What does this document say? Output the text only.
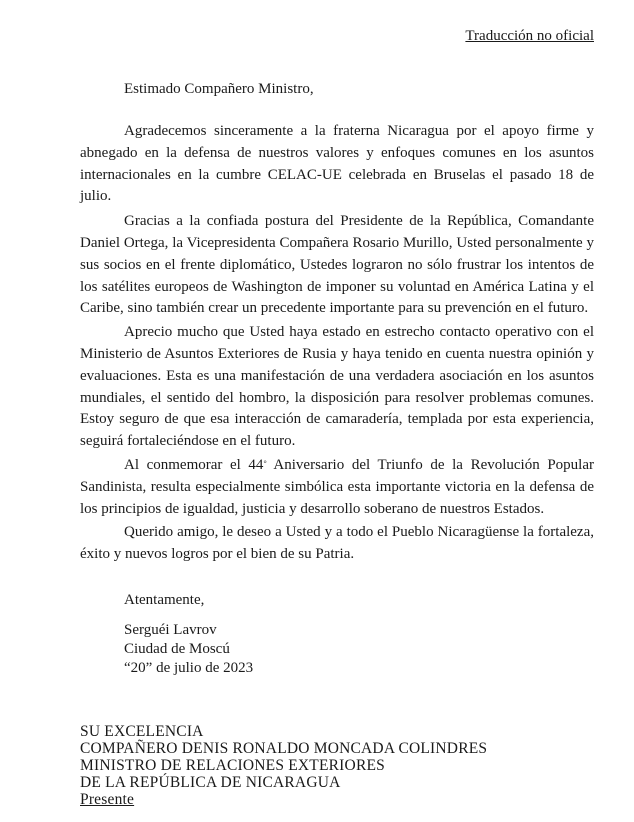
Traducción no oficial
Estimado Compañero Ministro,

Agradecemos sinceramente a la fraterna Nicaragua por el apoyo firme y abnegado en la defensa de nuestros valores y enfoques comunes en los asuntos internacionales en la cumbre CELAC-UE celebrada en Bruselas el pasado 18 de julio.

Gracias a la confiada postura del Presidente de la República, Comandante Daniel Ortega, la Vicepresidenta Compañera Rosario Murillo, Usted personalmente y sus socios en el frente diplomático, Ustedes lograron no sólo frustrar los intentos de los satélites europeos de Washington de imponer su voluntad en América Latina y el Caribe, sino también crear un precedente importante para su prevención en el futuro.

Aprecio mucho que Usted haya estado en estrecho contacto operativo con el Ministerio de Asuntos Exteriores de Rusia y haya tenido en cuenta nuestra opinión y evaluaciones. Esta es una manifestación de una verdadera asociación en los asuntos mundiales, el sentido del hombro, la disposición para resolver problemas comunes. Estoy seguro de que esa interacción de camaradería, templada por esta experiencia, seguirá fortaleciéndose en el futuro.

Al conmemorar el 44° Aniversario del Triunfo de la Revolución Popular Sandinista, resulta especialmente simbólica esta importante victoria en la defensa de los principios de igualdad, justicia y desarrollo soberano de nuestros Estados.

Querido amigo, le deseo a Usted y a todo el Pueblo Nicaragüense la fortaleza, éxito y nuevos logros por el bien de su Patria.

Atentamente,
Serguéi Lavrov
Ciudad de Moscú
“20” de julio de 2023
SU EXCELENCIA
COMPAÑERO DENIS RONALDO MONCADA COLINDRES
MINISTRO DE RELACIONES EXTERIORES
DE LA REPÚBLICA DE NICARAGUA
Presente
